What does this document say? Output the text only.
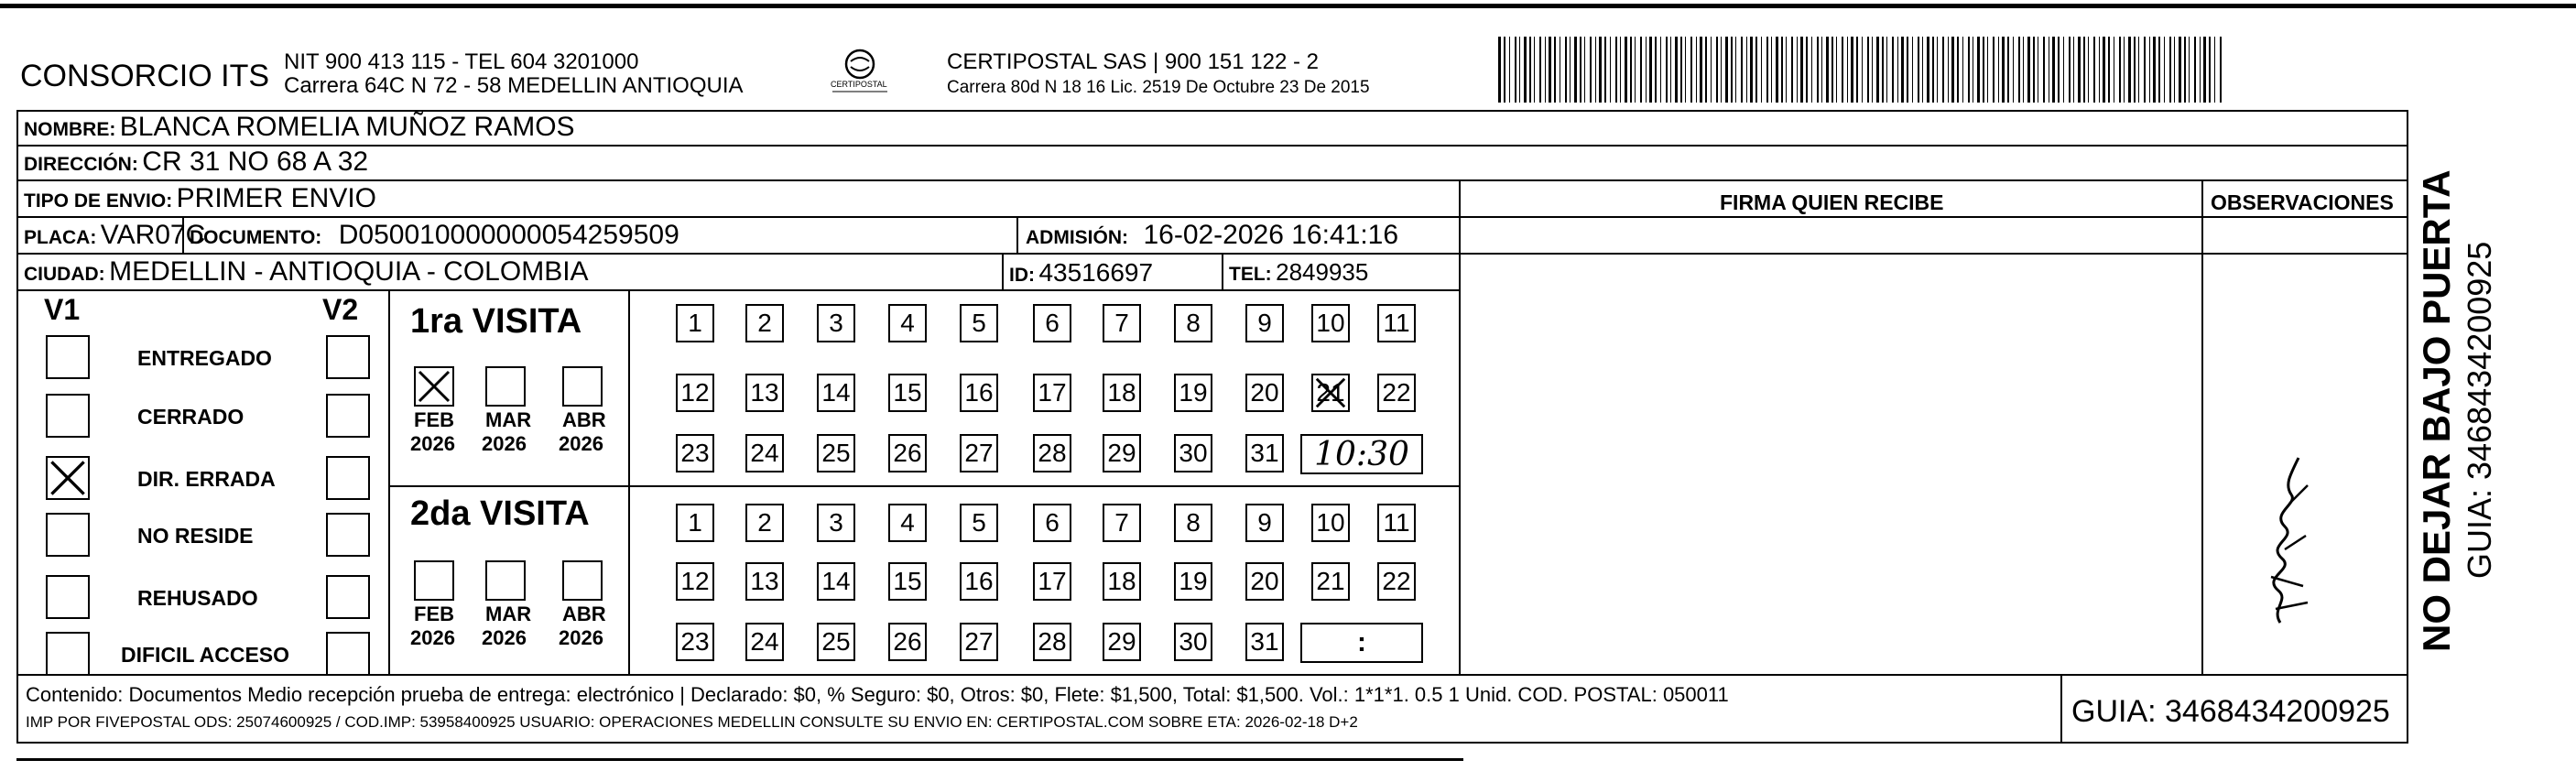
CONSORCIO ITS NIT 900 413 115 - TEL 604 3201000
Carrera 64C N 72 - 58 MEDELLIN ANTIOQUIA	CERTIPOSTAL
CERTIPOSTAL SAS | 900 151 122 - 2
Carrera 80d N 18 16 Lic. 2519 De Octubre 23 De 2015
NOMBRE: BLANCA ROMELIA MUÑOZ RAMOS
DIRECCIÓN: CR 31 NO 68 A 32
TIPO DE ENVIO: PRIMER ENVIO	FIRMA QUIEN RECIBE	OBSERVACIONES
PLACA: VAR07C
DOCUMENTO: D050010000000054259509	ADMISIÓN: 16-02-2026 16:41:16
CIUDAD: MEDELLIN - ANTIOQUIA - COLOMBIA	ID: 43516697	TEL: 2849935
V1	V2
ENTREGADO
CERRADO
DIR. ERRADA
NO RESIDE
REHUSADO
DIFICIL ACCESO
1ra VISITA
FEB
2026
MAR
2026
ABR
2026
1 2 3 4 5 6 7 8 9 10 11
12 13 14 15 16 17 18 19 20 21 22
23 24 25 26 27 28 29 30 31 10:30
2da VISITA
FEB
2026
MAR
2026
ABR
2026
1 2 3 4 5 6 7 8 9 10 11
12 13 14 15 16 17 18 19 20 21 22
23 24 25 26 27 28 29 30 31	:	NO DEJAR BAJO PUERTA GUIA: 3468434200925
Contenido: Documentos Medio recepción prueba de entrega: electrónico | Declarado: $0, % Seguro: $0, Otros: $0, Flete: $1,500, Total: $1,500. Vol.: 1*1*1. 0.5 1 Unid. COD. POSTAL: 050011
IMP POR FIVEPOSTAL ODS: 25074600925 / COD.IMP: 53958400925 USUARIO: OPERACIONES MEDELLIN CONSULTE SU ENVIO EN: CERTIPOSTAL.COM SOBRE ETA: 2026-02-18 D+2	GUIA: 3468434200925
